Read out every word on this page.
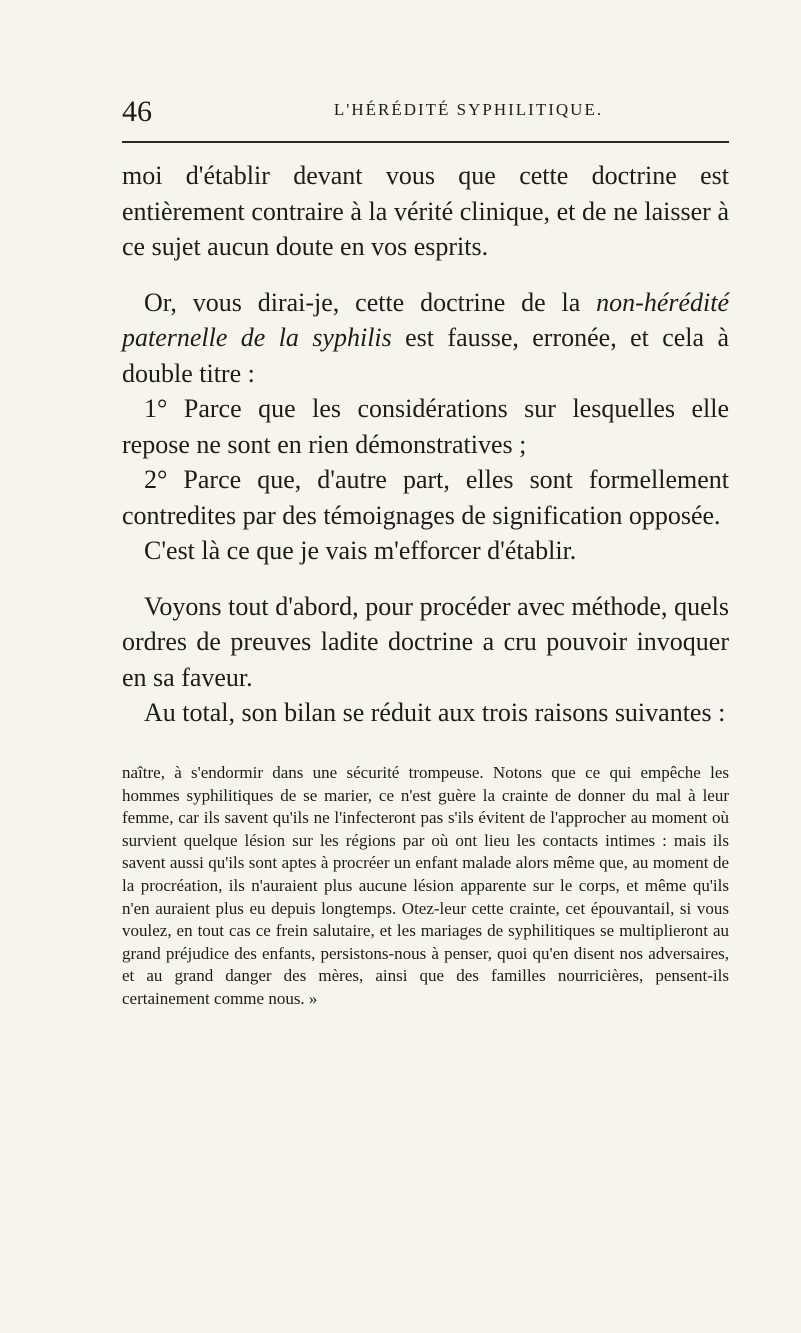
46	L'HÉRÉDITÉ SYPHILITIQUE.

moi d'établir devant vous que cette doctrine est entièrement contraire à la vérité clinique, et de ne laisser à ce sujet aucun doute en vos esprits.

Or, vous dirai-je, cette doctrine de la non-hérédité paternelle de la syphilis est fausse, erronée, et cela à double titre :

1° Parce que les considérations sur lesquelles elle repose ne sont en rien démonstratives ;

2° Parce que, d'autre part, elles sont formellement contredites par des témoignages de signification opposée.

C'est là ce que je vais m'efforcer d'établir.

Voyons tout d'abord, pour procéder avec méthode, quels ordres de preuves ladite doctrine a cru pouvoir invoquer en sa faveur.

Au total, son bilan se réduit aux trois raisons suivantes :

naître, à s'endormir dans une sécurité trompeuse. Notons que ce qui empêche les hommes syphilitiques de se marier, ce n'est guère la crainte de donner du mal à leur femme, car ils savent qu'ils ne l'infecteront pas s'ils évitent de l'approcher au moment où survient quelque lésion sur les régions par où ont lieu les contacts intimes : mais ils savent aussi qu'ils sont aptes à procréer un enfant malade alors même que, au moment de la procréation, ils n'auraient plus aucune lésion apparente sur le corps, et même qu'ils n'en auraient plus eu depuis longtemps. Otez-leur cette crainte, cet épouvantail, si vous voulez, en tout cas ce frein salutaire, et les mariages de syphilitiques se multiplieront au grand préjudice des enfants, persistons-nous à penser, quoi qu'en disent nos adversaires, et au grand danger des mères, ainsi que des familles nourricières, pensent-ils certainement comme nous. »
